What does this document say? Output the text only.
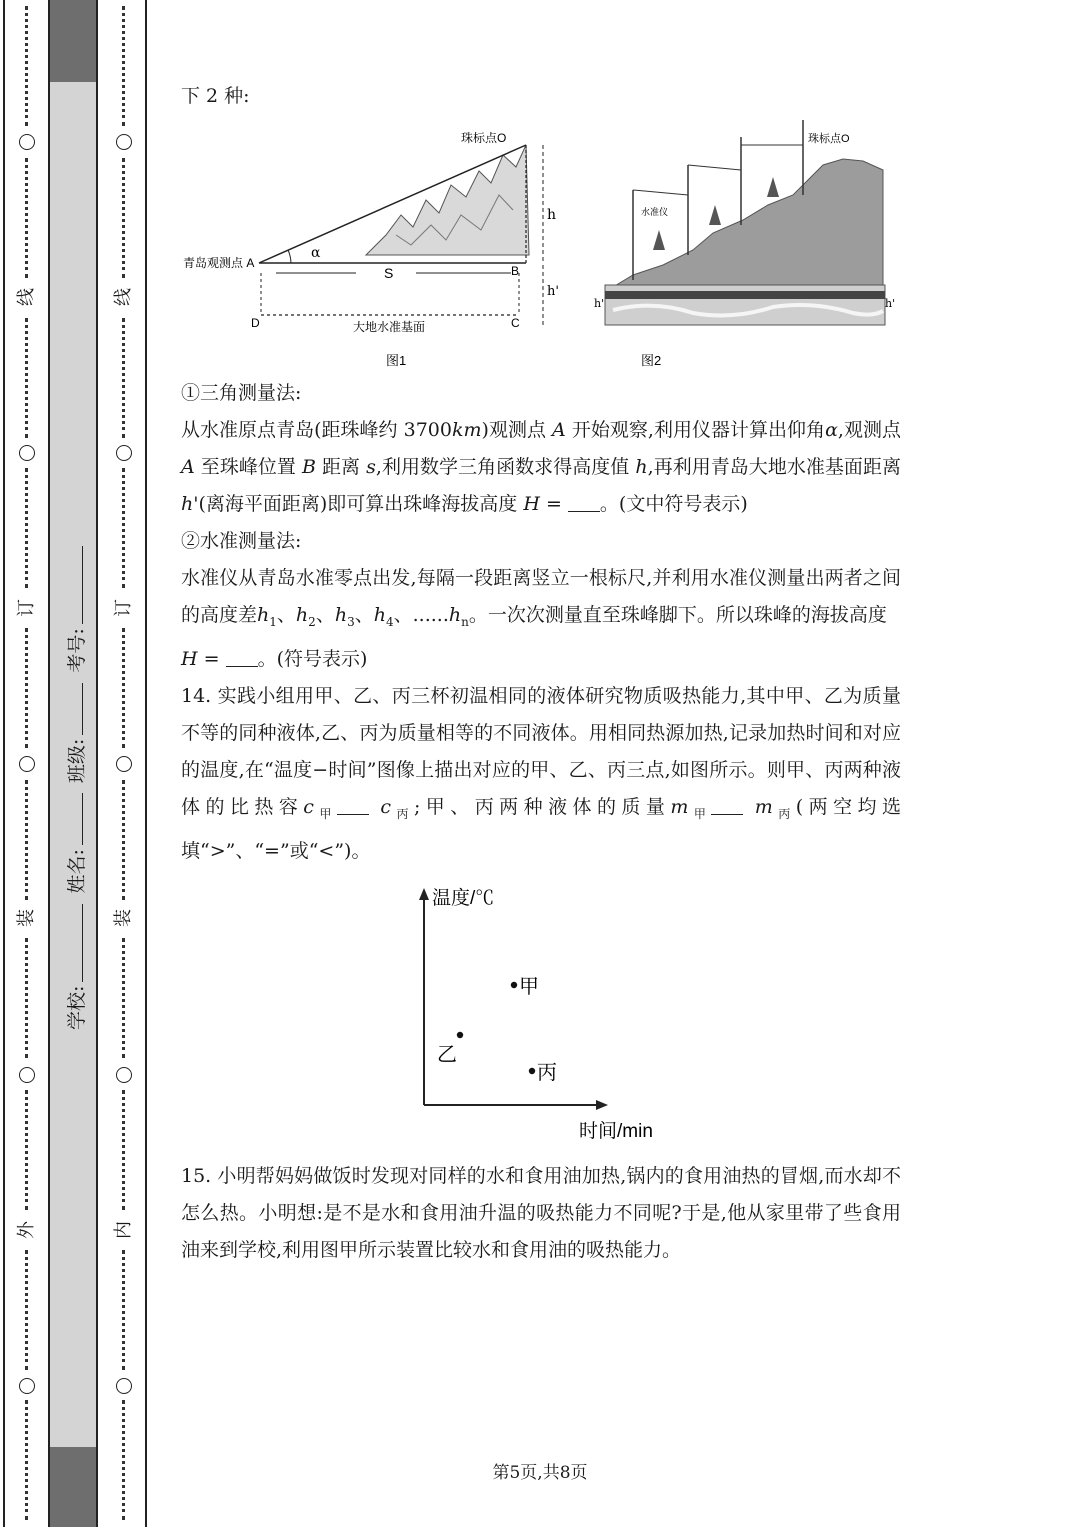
线
订
装
外
线
订
装
内
学校: 姓名: 班级: 考号:

下 2 种:

珠标点O
青岛观测点 A
α
S	B
h
h'
D	C
大地水准基面
图1
水准仪
珠标点O
h'	h'
图2

①三角测量法:

从水准原点青岛(距珠峰约 3700km)观测点 A 开始观察,利用仪器计算出仰角α,观测点 A 至珠峰位置 B 距离 s,利用数学三角函数求得高度值 h,再利用青岛大地水准基面距离 h'(离海平面距离)即可算出珠峰海拔高度 H = 。(文中符号表示)

②水准测量法:

水准仪从青岛水准零点出发,每隔一段距离竖立一根标尺,并利用水准仪测量出两者之间的高度差$h_1$、$h_2$、$h_3$、$h_4$、$......h_n$。一次次测量直至珠峰脚下。所以珠峰的海拔高度
H = 。(符号表示)

14. 实践小组用甲、乙、丙三杯初温相同的液体研究物质吸热能力,其中甲、乙为质量不等的同种液体,乙、丙为质量相等的不同液体。用相同热源加热,记录加热时间和对应的温度,在“温度−时间”图像上描出对应的甲、乙、丙三点,如图所示。则甲、丙两种液体的比热容$c_甲$ $c_丙$;甲、丙两种液体的质量$m_甲$ $m_丙$(两空均选填“>”、“=”或“<”)。

温度/℃
时间/min
甲
乙
丙

15. 小明帮妈妈做饭时发现对同样的水和食用油加热,锅内的食用油热的冒烟,而水却不怎么热。小明想:是不是水和食用油升温的吸热能力不同呢?于是,他从家里带了些食用油来到学校,利用图甲所示装置比较水和食用油的吸热能力。

第5页,共8页
